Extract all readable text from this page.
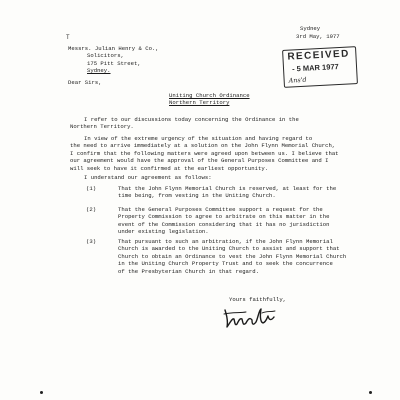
T
Sydney
3rd May, 1977
RECEIVED
- 5 MAR 1977
Ans'd
Messrs. Julian Henry & Co.,
Solicitors,
175 Pitt Street,
Sydney.
Dear Sirs,
Uniting Church Ordinance
Northern Territory
I refer to our discussions today concerning the Ordinance in the
Northern Territory.
In view of the extreme urgency of the situation and having regard to
the need to arrive immediately at a solution on the John Flynn Memorial Church,
I confirm that the following matters were agreed upon between us. I believe that
our agreement would have the approval of the General Purposes Committee and I
will seek to have it confirmed at the earliest opportunity.
I understand our agreement as follows:
(1)	That the John Flynn Memorial Church is reserved, at least for the
time being, from vesting in the Uniting Church.
(2)	That the General Purposes Committee support a request for the
Property Commission to agree to arbitrate on this matter in the
event of the Commission considering that it has no jurisdiction
under existing legislation.
(3)	That pursuant to such an arbitration, if the John Flynn Memorial
Church is awarded to the Uniting Church to assist and support that
Church to obtain an Ordinance to vest the John Flynn Memorial Church
in the Uniting Church Property Trust and to seek the concurrence
of the Presbyterian Church in that regard.
Yours faithfully,
